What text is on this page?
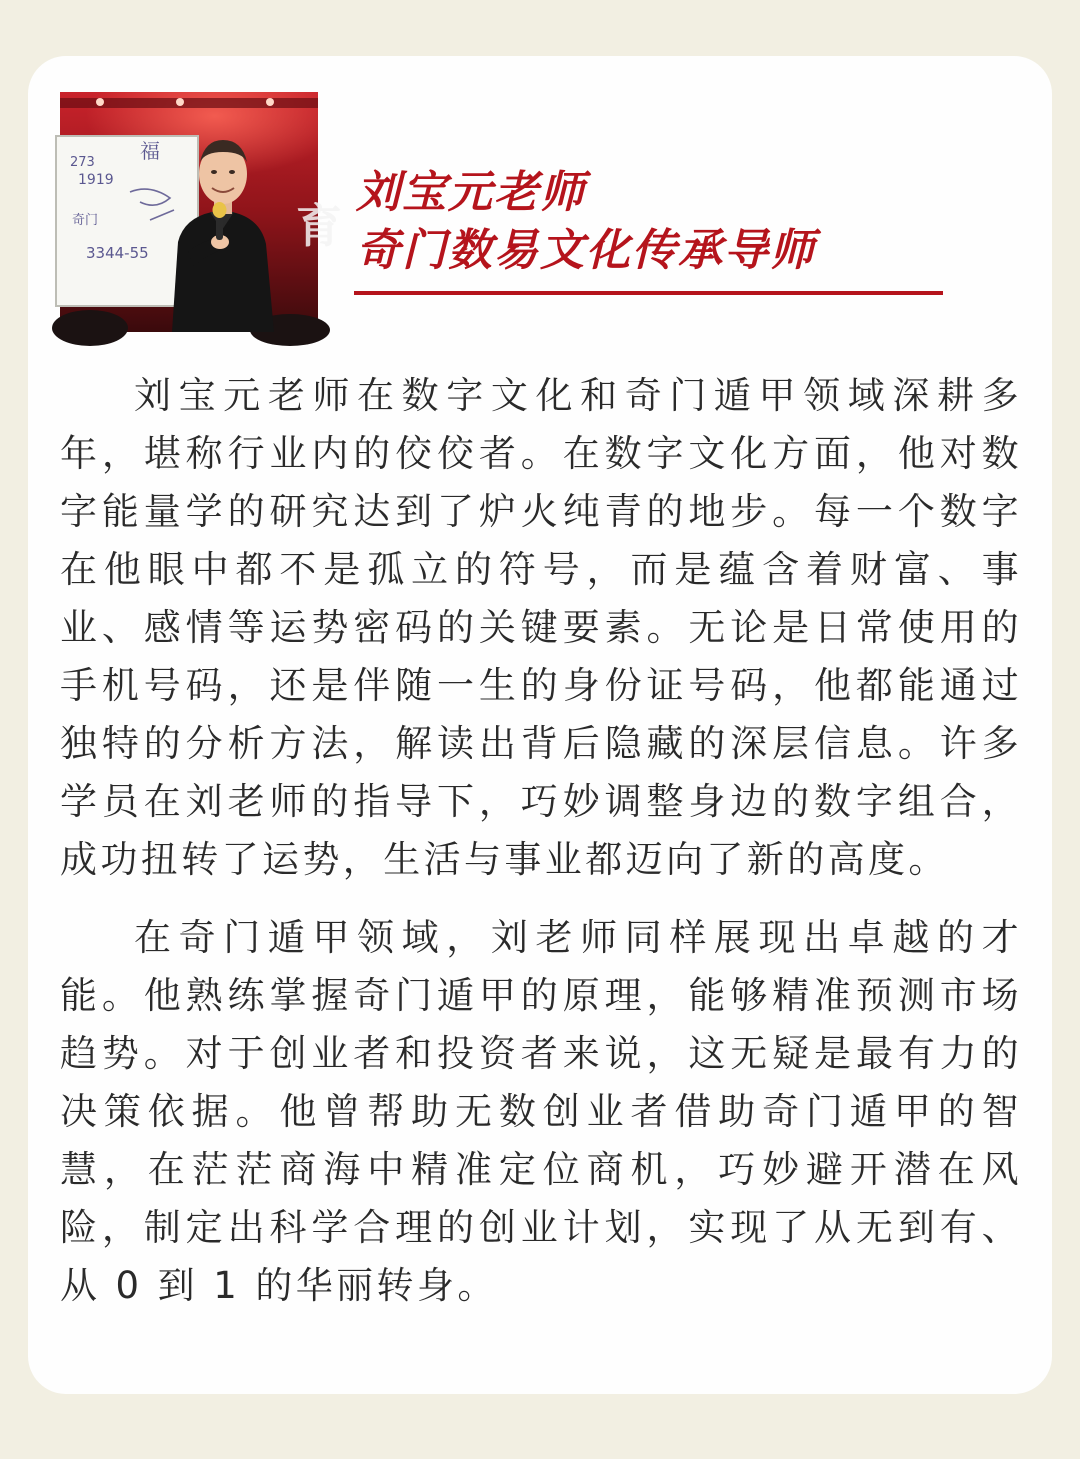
育
1919
273
奇门
福
3344-55
刘宝元老师
奇门数易文化传承导师

刘宝元老师在数字文化和奇门遁甲领域深耕多年，堪称行业内的佼佼者。在数字文化方面，他对数字能量学的研究达到了炉火纯青的地步。每一个数字在他眼中都不是孤立的符号，而是蕴含着财富、事业、感情等运势密码的关键要素。无论是日常使用的手机号码，还是伴随一生的身份证号码，他都能通过独特的分析方法，解读出背后隐藏的深层信息。许多学员在刘老师的指导下，巧妙调整身边的数字组合，成功扭转了运势，生活与事业都迈向了新的高度。

在奇门遁甲领域，刘老师同样展现出卓越的才能。他熟练掌握奇门遁甲的原理，能够精准预测市场趋势。对于创业者和投资者来说，这无疑是最有力的决策依据。他曾帮助无数创业者借助奇门遁甲的智慧，在茫茫商海中精准定位商机，巧妙避开潜在风险，制定出科学合理的创业计划，实现了从无到有、从 0 到 1 的华丽转身。
